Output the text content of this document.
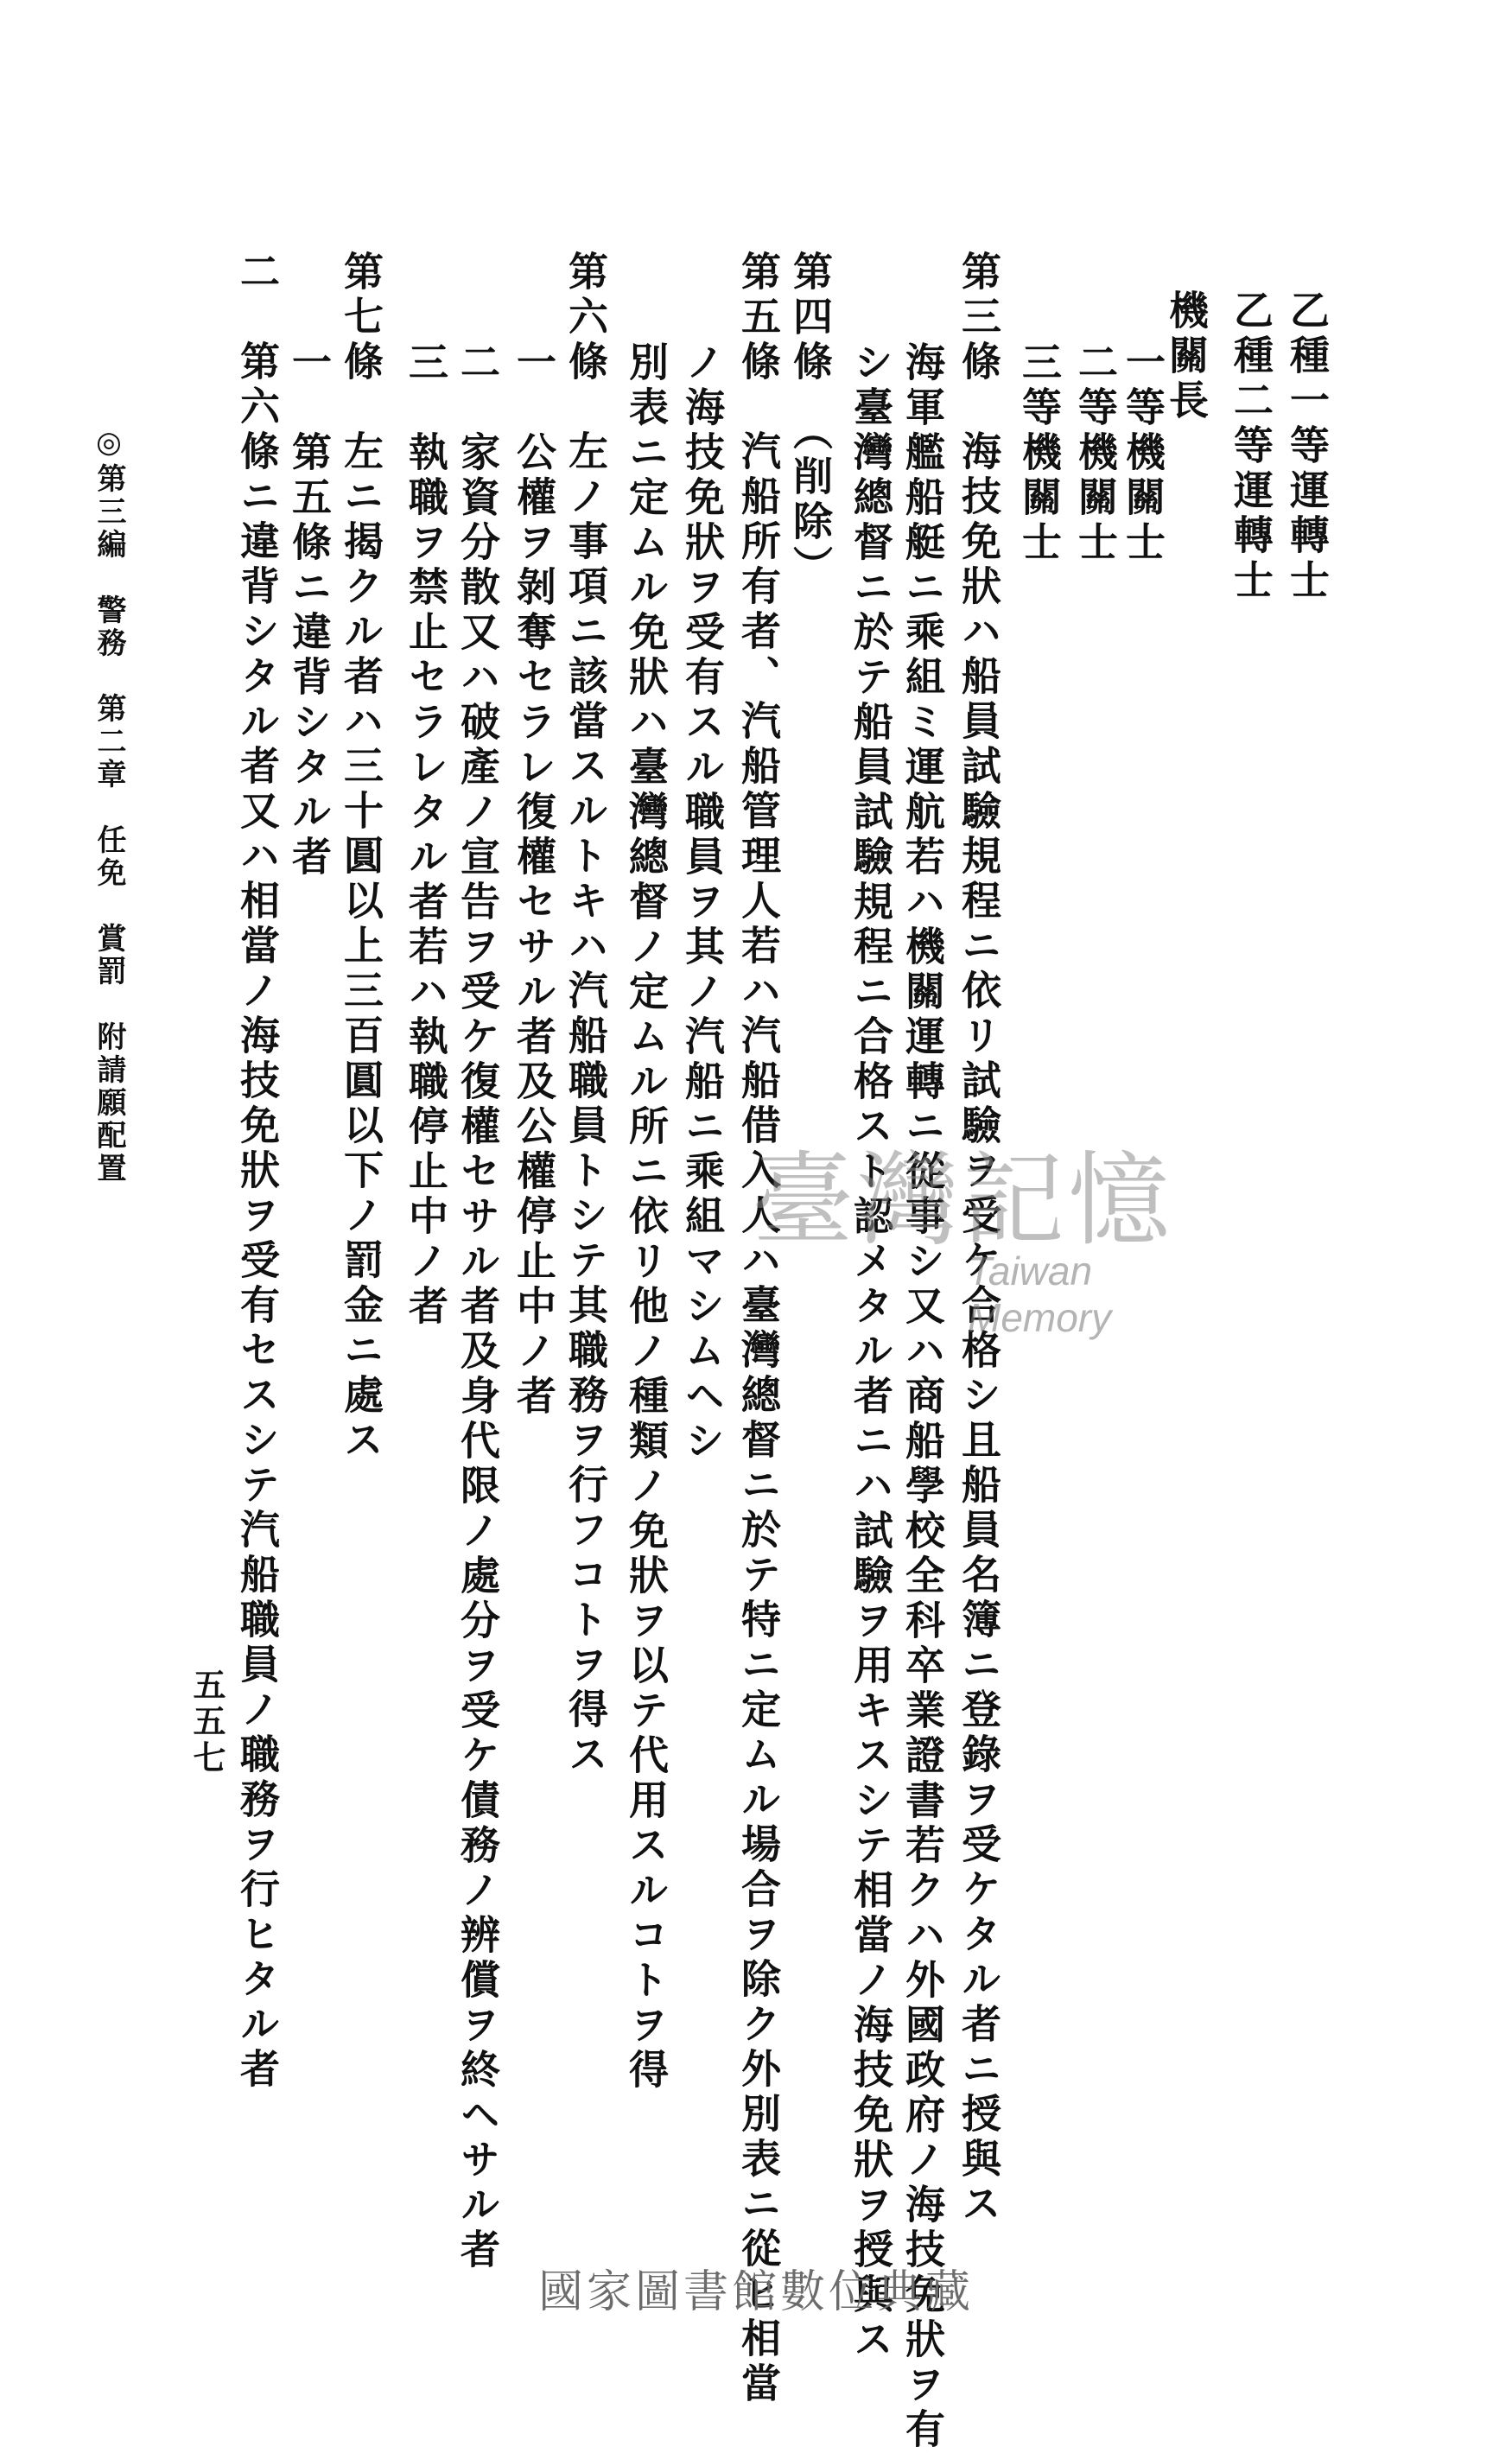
乙種一等運轉士
乙種二等運轉士
機關長
一等機關士
二等機關士
三等機關士
第三條　海技免狀ハ船員試驗規程ニ依リ試驗ヲ受ケ合格シ且船員名簿ニ登錄ヲ受ケタル者ニ授與ス
海軍艦船艇ニ乘組ミ運航若ハ機關運轉ニ從事シ又ハ商船學校全科卒業證書若クハ外國政府ノ海技免狀ヲ有
シ臺灣總督ニ於テ船員試驗規程ニ合格スト認メタル者ニハ試驗ヲ用キスシテ相當ノ海技免狀ヲ授與ス
第四條　（削除）
第五條　汽船所有者、汽船管理人若ハ汽船借入人ハ臺灣總督ニ於テ特ニ定ムル場合ヲ除ク外別表ニ從ヒ相當
ノ海技免狀ヲ受有スル職員ヲ其ノ汽船ニ乘組マシムヘシ
別表ニ定ムル免狀ハ臺灣總督ノ定ムル所ニ依リ他ノ種類ノ免狀ヲ以テ代用スルコトヲ得
第六條　左ノ事項ニ該當スルトキハ汽船職員トシテ其職務ヲ行フコトヲ得ス
一　公權ヲ剝奪セラレ復權セサル者及公權停止中ノ者
二　家資分散又ハ破產ノ宣告ヲ受ケ復權セサル者及身代限ノ處分ヲ受ケ債務ノ辨償ヲ終ヘサル者
三　執職ヲ禁止セラレタル者若ハ執職停止中ノ者
第七條　左ニ揭クル者ハ三十圓以上三百圓以下ノ罰金ニ處ス
一　第五條ニ違背シタル者
二　第六條ニ違背シタル者又ハ相當ノ海技免狀ヲ受有セスシテ汽船職員ノ職務ヲ行ヒタル者
◎第三編　警務　第二章　任免　賞罰　附請願配置
五五七
臺灣記憶
Taiwan Memory
國家圖書館數位典藏
